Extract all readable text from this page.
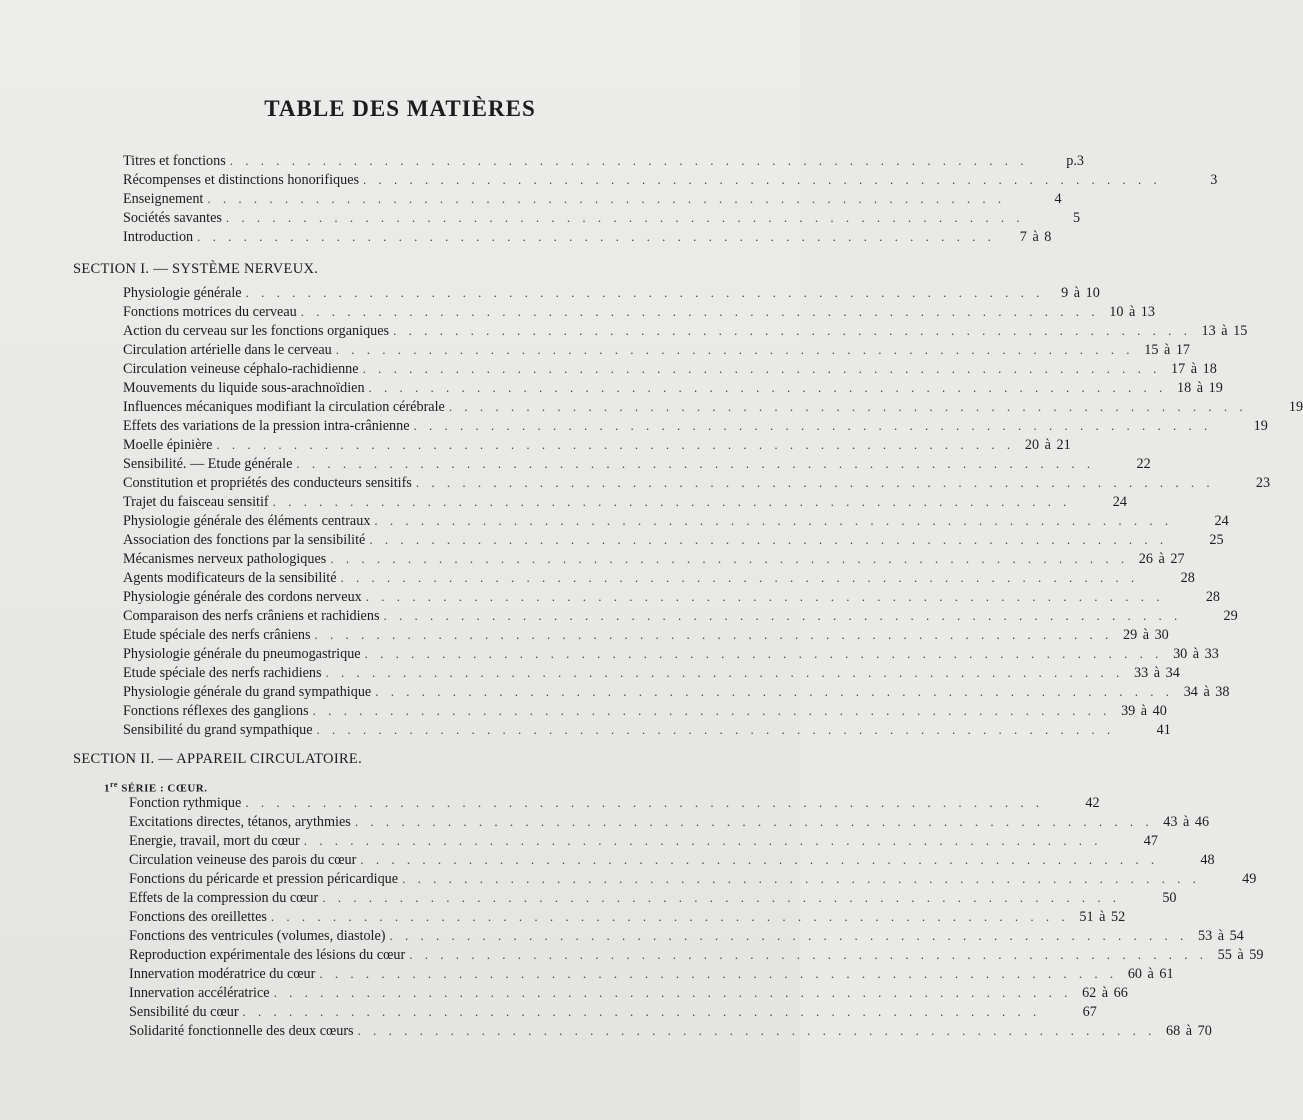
TABLE DES MATIÈRES
Titres et fonctions . . . . . . . . . . . . . . . . . . . . . . . . . . . . . . . . . . . . . . . . . . . . . . . . . . . .	p.3
Récompenses et distinctions honorifiques . . . . . . . . . . . . . . . . . . . . . . . . . . . . . . . . . . . . . . . . . . . . . . . . . . . .	3
Enseignement . . . . . . . . . . . . . . . . . . . . . . . . . . . . . . . . . . . . . . . . . . . . . . . . . . . .	4
Sociétés savantes . . . . . . . . . . . . . . . . . . . . . . . . . . . . . . . . . . . . . . . . . . . . . . . . . . . .	5
Introduction . . . . . . . . . . . . . . . . . . . . . . . . . . . . . . . . . . . . . . . . . . . . . . . . . . . .	7 à 8
SECTION I. — SYSTÈME NERVEUX.
Physiologie générale . . . . . . . . . . . . . . . . . . . . . . . . . . . . . . . . . . . . . . . . . . . . . . . . . . . .	9 à 10
Fonctions motrices du cerveau . . . . . . . . . . . . . . . . . . . . . . . . . . . . . . . . . . . . . . . . . . . . . . . . . . . . 10 à 13
Action du cerveau sur les fonctions organiques . . . . . . . . . . . . . . . . . . . . . . . . . . . . . . . . . . . . . . . . . . . . . . . . . . . . 13 à 15
Circulation artérielle dans le cerveau . . . . . . . . . . . . . . . . . . . . . . . . . . . . . . . . . . . . . . . . . . . . . . . . . . . . 15 à 17
Circulation veineuse céphalo-rachidienne . . . . . . . . . . . . . . . . . . . . . . . . . . . . . . . . . . . . . . . . . . . . . . . . . . . . 17 à 18
Mouvements du liquide sous-arachnoïdien . . . . . . . . . . . . . . . . . . . . . . . . . . . . . . . . . . . . . . . . . . . . . . . . . . . . 18 à 19
Influences mécaniques modifiant la circulation cérébrale . . . . . . . . . . . . . . . . . . . . . . . . . . . . . . . . . . . . . . . . . . . . . . . . . . . .	19
Effets des variations de la pression intra-crânienne . . . . . . . . . . . . . . . . . . . . . . . . . . . . . . . . . . . . . . . . . . . . . . . . . . . .	19
Moelle épinière . . . . . . . . . . . . . . . . . . . . . . . . . . . . . . . . . . . . . . . . . . . . . . . . . . . . 20 à 21
Sensibilité. — Etude générale . . . . . . . . . . . . . . . . . . . . . . . . . . . . . . . . . . . . . . . . . . . . . . . . . . . .	22
Constitution et propriétés des conducteurs sensitifs . . . . . . . . . . . . . . . . . . . . . . . . . . . . . . . . . . . . . . . . . . . . . . . . . . . .	23
Trajet du faisceau sensitif . . . . . . . . . . . . . . . . . . . . . . . . . . . . . . . . . . . . . . . . . . . . . . . . . . . .	24
Physiologie générale des éléments centraux . . . . . . . . . . . . . . . . . . . . . . . . . . . . . . . . . . . . . . . . . . . . . . . . . . . .	24
Association des fonctions par la sensibilité . . . . . . . . . . . . . . . . . . . . . . . . . . . . . . . . . . . . . . . . . . . . . . . . . . . .	25
Mécanismes nerveux pathologiques . . . . . . . . . . . . . . . . . . . . . . . . . . . . . . . . . . . . . . . . . . . . . . . . . . . . 26 à 27
Agents modificateurs de la sensibilité . . . . . . . . . . . . . . . . . . . . . . . . . . . . . . . . . . . . . . . . . . . . . . . . . . . .	28
Physiologie générale des cordons nerveux . . . . . . . . . . . . . . . . . . . . . . . . . . . . . . . . . . . . . . . . . . . . . . . . . . . .	28
Comparaison des nerfs crâniens et rachidiens . . . . . . . . . . . . . . . . . . . . . . . . . . . . . . . . . . . . . . . . . . . . . . . . . . . .	29
Etude spéciale des nerfs crâniens . . . . . . . . . . . . . . . . . . . . . . . . . . . . . . . . . . . . . . . . . . . . . . . . . . . . 29 à 30
Physiologie générale du pneumogastrique . . . . . . . . . . . . . . . . . . . . . . . . . . . . . . . . . . . . . . . . . . . . . . . . . . . . 30 à 33
Etude spéciale des nerfs rachidiens . . . . . . . . . . . . . . . . . . . . . . . . . . . . . . . . . . . . . . . . . . . . . . . . . . . . 33 à 34
Physiologie générale du grand sympathique . . . . . . . . . . . . . . . . . . . . . . . . . . . . . . . . . . . . . . . . . . . . . . . . . . . . 34 à 38
Fonctions réflexes des ganglions . . . . . . . . . . . . . . . . . . . . . . . . . . . . . . . . . . . . . . . . . . . . . . . . . . . . 39 à 40
Sensibilité du grand sympathique . . . . . . . . . . . . . . . . . . . . . . . . . . . . . . . . . . . . . . . . . . . . . . . . . . . .	41
SECTION II. — APPAREIL CIRCULATOIRE.
1re SÉRIE : CŒUR.
Fonction rythmique . . . . . . . . . . . . . . . . . . . . . . . . . . . . . . . . . . . . . . . . . . . . . . . . . . . .	42
Excitations directes, tétanos, arythmies . . . . . . . . . . . . . . . . . . . . . . . . . . . . . . . . . . . . . . . . . . . . . . . . . . . . 43 à 46
Energie, travail, mort du cœur . . . . . . . . . . . . . . . . . . . . . . . . . . . . . . . . . . . . . . . . . . . . . . . . . . . .	47
Circulation veineuse des parois du cœur . . . . . . . . . . . . . . . . . . . . . . . . . . . . . . . . . . . . . . . . . . . . . . . . . . . .	48
Fonctions du péricarde et pression péricardique . . . . . . . . . . . . . . . . . . . . . . . . . . . . . . . . . . . . . . . . . . . . . . . . . . . .	49
Effets de la compression du cœur . . . . . . . . . . . . . . . . . . . . . . . . . . . . . . . . . . . . . . . . . . . . . . . . . . . .	50
Fonctions des oreillettes . . . . . . . . . . . . . . . . . . . . . . . . . . . . . . . . . . . . . . . . . . . . . . . . . . . . 51 à 52
Fonctions des ventricules (volumes, diastole) . . . . . . . . . . . . . . . . . . . . . . . . . . . . . . . . . . . . . . . . . . . . . . . . . . . . 53 à 54
Reproduction expérimentale des lésions du cœur . . . . . . . . . . . . . . . . . . . . . . . . . . . . . . . . . . . . . . . . . . . . . . . . . . . . 55 à 59
Innervation modératrice du cœur . . . . . . . . . . . . . . . . . . . . . . . . . . . . . . . . . . . . . . . . . . . . . . . . . . . . 60 à 61
Innervation accélératrice . . . . . . . . . . . . . . . . . . . . . . . . . . . . . . . . . . . . . . . . . . . . . . . . . . . . 62 à 66
Sensibilité du cœur . . . . . . . . . . . . . . . . . . . . . . . . . . . . . . . . . . . . . . . . . . . . . . . . . . . .	67
Solidarité fonctionnelle des deux cœurs . . . . . . . . . . . . . . . . . . . . . . . . . . . . . . . . . . . . . . . . . . . . . . . . . . . . 68 à 70
